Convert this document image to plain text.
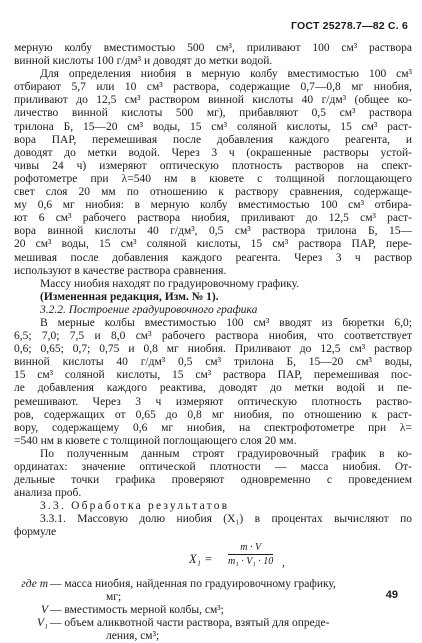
ГОСТ 25278.7—82 С. 6
мерную колбу вместимостью 500 см³, приливают 100 см³ раствора
винной кислоты 100 г/дм³ и доводят до метки водой.
Для определения ниобия в мерную колбу вместимостью 100 см³
отбирают 5,7 или 10 см³ раствора, содержащие 0,7—0,8 мг ниобия,
приливают до 12,5 см³ раствором винной кислоты 40 г/дм³ (общее ко-
личество винной кислоты 500 мг), прибавляют 0,5 см³ раствора
трилона Б, 15—20 см³ воды, 15 см³ соляной кислоты, 15 см³ раст-
вора ПАР, перемешивая после добавления каждого реагента, и
доводят до метки водой. Через 3 ч (окрашенные растворы устой-
чивы 24 ч) измеряют оптическую плотность растворов на спект-
рофотометре при λ=540 нм в кювете с толщиной поглощающего
свет слоя 20 мм по отношению к раствору сравнения, содержаще-
му 0,6 мг ниобия: в мерную колбу вместимостью 100 см³ отбира-
ют 6 см³ рабочего раствора ниобия, приливают до 12,5 см³ раст-
вора винной кислоты 40 г/дм³, 0,5 см³ раствора трилона Б, 15—
20 см³ воды, 15 см³ соляной кислоты, 15 см³ раствора ПАР, пере-
мешивая после добавления каждого реагента. Через 3 ч раствор
используют в качестве раствора сравнения.
Массу ниобия находят по градуировочному графику.
(Измененная редакция, Изм. № 1).
3.2.2. Построение градуировочного графика
В мерные колбы вместимостью 100 см³ вводят из бюретки 6,0;
6,5; 7,0; 7,5 и 8,0 см³ рабочего раствора ниобия, что соответствует
0,6; 0,65; 0,7; 0,75 и 0,8 мг ниобия. Приливают до 12,5 см³ раствор
винной кислоты 40 г/дм³ 0,5 см³ трилона Б, 15—20 см³ воды,
15 см³ соляной кислоты, 15 см³ раствора ПАР, перемешивая пос-
ле добавления каждого реактива, доводят до метки водой и пе-
ремешивают. Через 3 ч измеряют оптическую плотность раство-
ров, содержащих от 0,65 до 0,8 мг ниобия, по отношению к раст-
вору, содержащему 0,6 мг ниобия, на спектрофотометре при λ=
=540 нм в кювете с толщиной поглощающего слоя 20 мм.
По полученным данным строят градуировочный график в ко-
ординатах: значение оптической плотности — масса ниобия. От-
дельные точки графика проверяют одновременно с проведением
анализа проб.
3.3. Обработка результатов
3.3.1. Массовую долю ниобия (X₁) в процентах вычисляют по
формуле
$X_1 = \frac{m \cdot V}{\text{m₁ · V₁ · 10}}$ ,
где m — масса ниобия, найденная по градуировочному графику,
мг;
V — вместимость мерной колбы, см³;
V₁ — объем аликвотной части раствора, взятый для опреде-
ления, см³;
49
